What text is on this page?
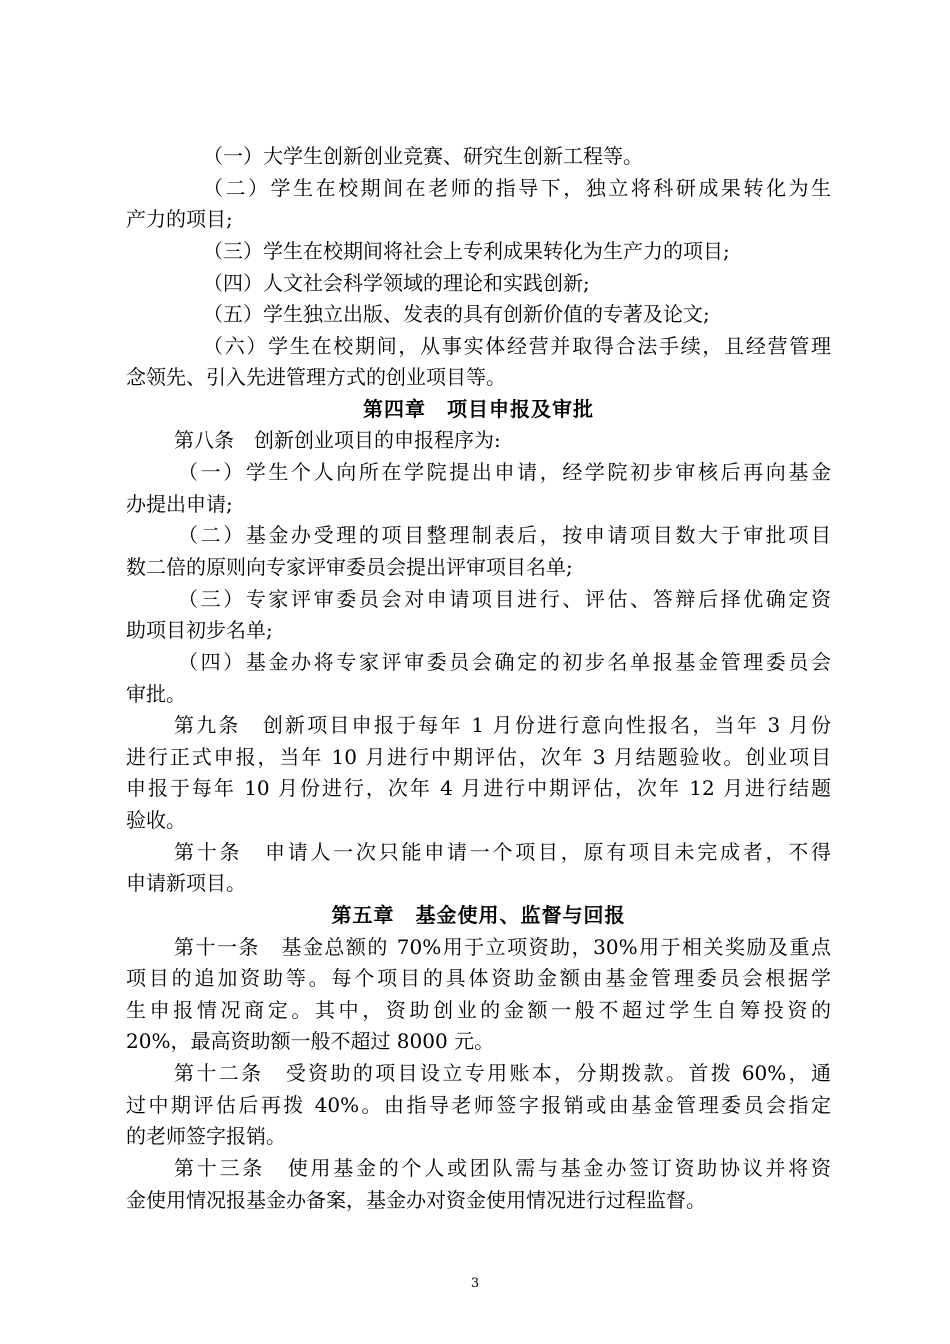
（一）大学生创新创业竞赛、研究生创新工程等。
（二）学生在校期间在老师的指导下，独立将科研成果转化为生
产力的项目;
（三）学生在校期间将社会上专利成果转化为生产力的项目;
（四）人文社会科学领域的理论和实践创新;
（五）学生独立出版、发表的具有创新价值的专著及论文;
（六）学生在校期间，从事实体经营并取得合法手续，且经营管理
念领先、引入先进管理方式的创业项目等。
第四章　项目申报及审批
第八条　创新创业项目的申报程序为:
（一）学生个人向所在学院提出申请，经学院初步审核后再向基金
办提出申请;
（二）基金办受理的项目整理制表后，按申请项目数大于审批项目
数二倍的原则向专家评审委员会提出评审项目名单;
（三）专家评审委员会对申请项目进行、评估、答辩后择优确定资
助项目初步名单;
（四）基金办将专家评审委员会确定的初步名单报基金管理委员会
审批。
第九条　创新项目申报于每年 1 月份进行意向性报名，当年 3 月份
进行正式申报，当年 10 月进行中期评估，次年 3 月结题验收。创业项目
申报于每年 10 月份进行，次年 4 月进行中期评估，次年 12 月进行结题
验收。
第十条　申请人一次只能申请一个项目，原有项目未完成者，不得
申请新项目。
第五章　基金使用、监督与回报
第十一条　基金总额的 70%用于立项资助，30%用于相关奖励及重点
项目的追加资助等。每个项目的具体资助金额由基金管理委员会根据学
生申报情况商定。其中，资助创业的金额一般不超过学生自筹投资的
20%，最高资助额一般不超过 8000 元。
第十二条　受资助的项目设立专用账本，分期拨款。首拨 60%，通
过中期评估后再拨 40%。由指导老师签字报销或由基金管理委员会指定
的老师签字报销。
第十三条　使用基金的个人或团队需与基金办签订资助协议并将资
金使用情况报基金办备案，基金办对资金使用情况进行过程监督。
3
